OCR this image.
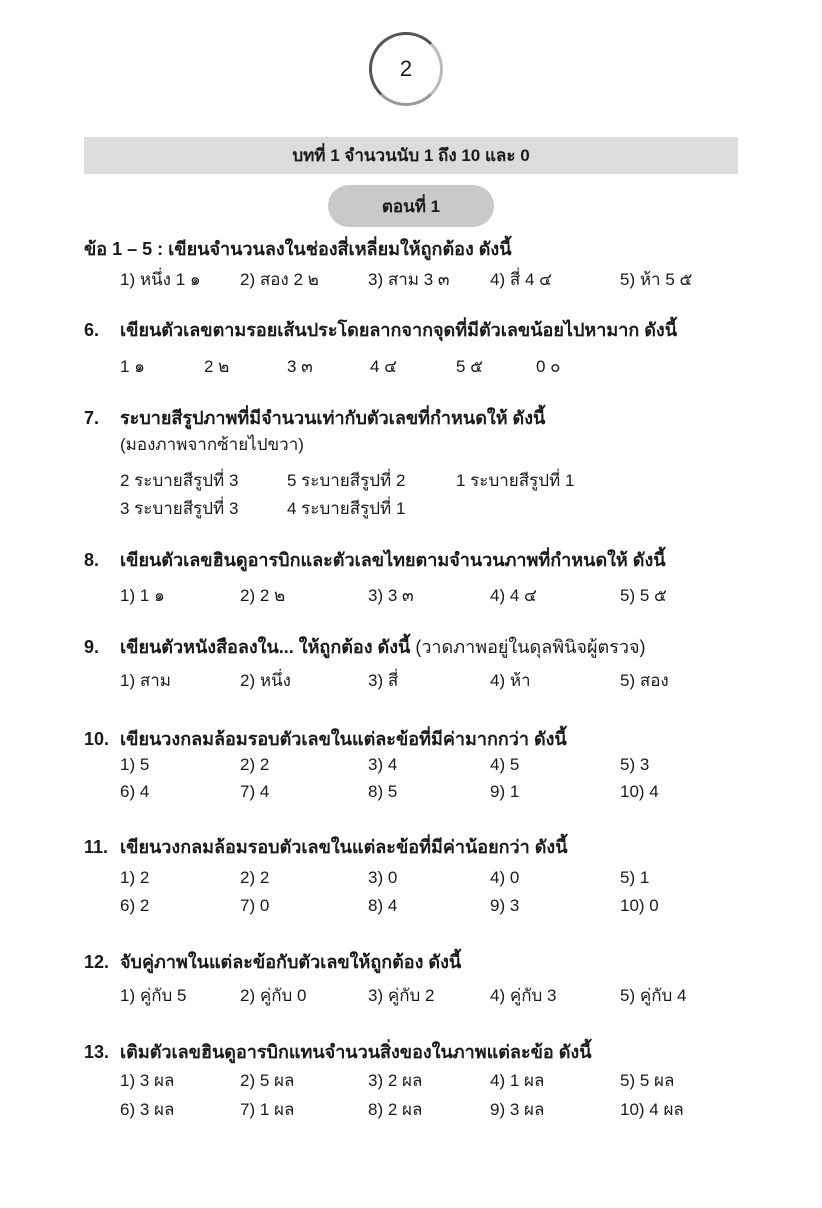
2
บทที่ 1 จำนวนนับ 1 ถึง 10 และ 0
ตอนที่ 1
ข้อ 1 – 5 : เขียนจำนวนลงในช่องสี่เหลี่ยมให้ถูกต้อง ดังนี้
1) หนึ่ง 1 ๑ 2) สอง 2 ๒	3) สาม 3 ๓ 4) สี่ 4 ๔	5) ห้า 5 ๕
6. เขียนตัวเลขตามรอยเส้นประโดยลากจากจุดที่มีตัวเลขน้อยไปหามาก ดังนี้
1 ๑	2 ๒	3 ๓	4 ๔	5 ๕	0 ๐
7. ระบายสีรูปภาพที่มีจำนวนเท่ากับตัวเลขที่กำหนดให้ ดังนี้
(มองภาพจากซ้ายไปขวา)
2 ระบายสีรูปที่ 3	5 ระบายสีรูปที่ 2	1 ระบายสีรูปที่ 1
3 ระบายสีรูปที่ 3	4 ระบายสีรูปที่ 1
8. เขียนตัวเลขฮินดูอารบิกและตัวเลขไทยตามจำนวนภาพที่กำหนดให้ ดังนี้
1) 1 ๑	2) 2 ๒	3) 3 ๓	4) 4 ๔	5) 5 ๕
9. เขียนตัวหนังสือลงใน... ให้ถูกต้อง ดังนี้ (วาดภาพอยู่ในดุลพินิจผู้ตรวจ)
1) สาม	2) หนึ่ง	3) สี่	4) ห้า	5) สอง
10. เขียนวงกลมล้อมรอบตัวเลขในแต่ละข้อที่มีค่ามากกว่า ดังนี้
1) 5	2) 2	3) 4	4) 5	5) 3
6) 4	7) 4	8) 5	9) 1	10) 4
11. เขียนวงกลมล้อมรอบตัวเลขในแต่ละข้อที่มีค่าน้อยกว่า ดังนี้
1) 2	2) 2	3) 0	4) 0	5) 1
6) 2	7) 0	8) 4	9) 3	10) 0
12. จับคู่ภาพในแต่ละข้อกับตัวเลขให้ถูกต้อง ดังนี้
1) คู่กับ 5	2) คู่กับ 0	3) คู่กับ 2	4) คู่กับ 3	5) คู่กับ 4
13. เติมตัวเลขฮินดูอารบิกแทนจำนวนสิ่งของในภาพแต่ละข้อ ดังนี้
1) 3 ผล	2) 5 ผล	3) 2 ผล	4) 1 ผล	5) 5 ผล
6) 3 ผล	7) 1 ผล	8) 2 ผล	9) 3 ผล	10) 4 ผล
